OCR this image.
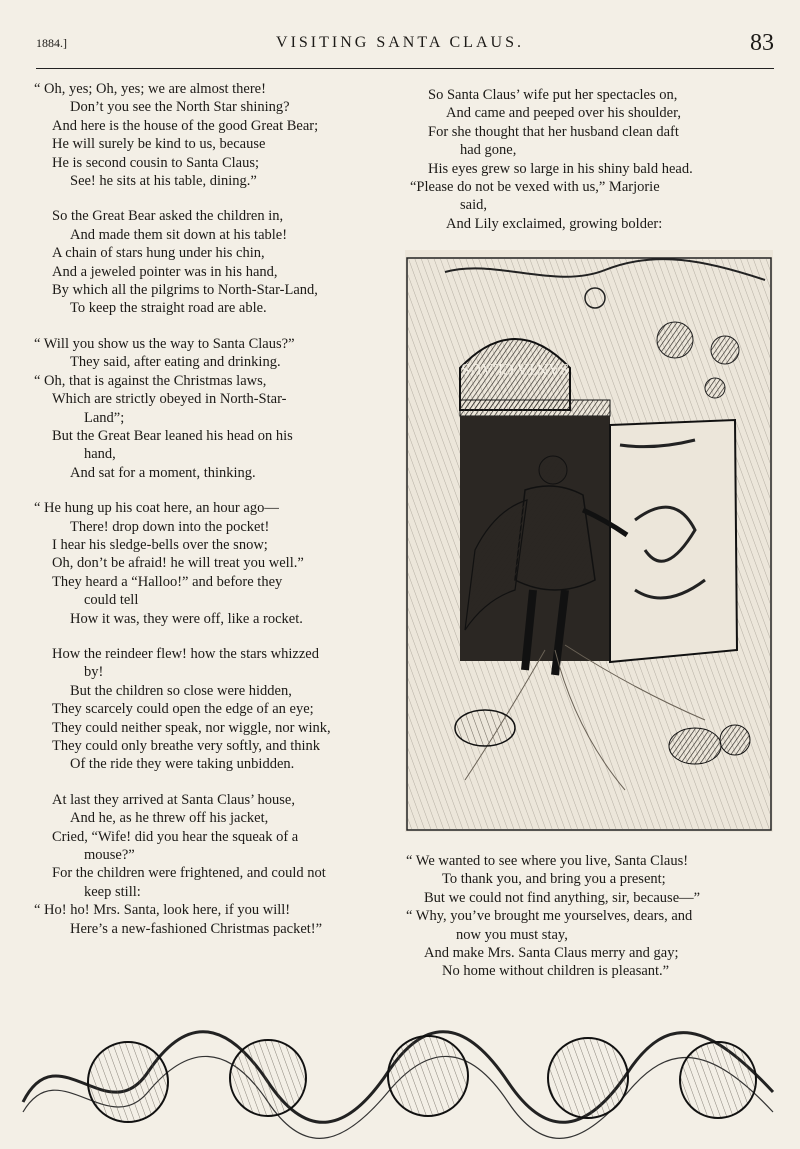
1884.]	VISITING SANTA CLAUS.	83
“ Oh, yes; Oh, yes; we are almost there!
Don’t you see the North Star shining?
And here is the house of the good Great Bear;
He will surely be kind to us, because
He is second cousin to Santa Claus;
See! he sits at his table, dining.”
So the Great Bear asked the children in,
And made them sit down at his table!
A chain of stars hung under his chin,
And a jeweled pointer was in his hand,
By which all the pilgrims to North-Star-Land,
To keep the straight road are able.
“ Will you show us the way to Santa Claus?”
They said, after eating and drinking.
“ Oh, that is against the Christmas laws,
Which are strictly obeyed in North-Star-
Land”;
But the Great Bear leaned his head on his
hand,
And sat for a moment, thinking.
“ He hung up his coat here, an hour ago—
There! drop down into the pocket!
I hear his sledge-bells over the snow;
Oh, don’t be afraid! he will treat you well.”
They heard a “Halloo!” and before they
could tell
How it was, they were off, like a rocket.
How the reindeer flew! how the stars whizzed
by!
But the children so close were hidden,
They scarcely could open the edge of an eye;
They could neither speak, nor wiggle, nor wink,
They could only breathe very softly, and think
Of the ride they were taking unbidden.
At last they arrived at Santa Claus’ house,
And he, as he threw off his jacket,
Cried, “Wife! did you hear the squeak of a
mouse?”
For the children were frightened, and could not
keep still:
“ Ho! ho! Mrs. Santa, look here, if you will!
Here’s a new-fashioned Christmas packet!”
So Santa Claus’ wife put her spectacles on,
And came and peeped over his shoulder,
For she thought that her husband clean daft
had gone,
His eyes grew so large in his shiny bald head.
“Please do not be vexed with us,” Marjorie
said,
And Lily exclaimed, growing bolder:
SANTA CLAUS
“ We wanted to see where you live, Santa Claus!
To thank you, and bring you a present;
But we could not find anything, sir, because—”
“ Why, you’ve brought me yourselves, dears, and
now you must stay,
And make Mrs. Santa Claus merry and gay;
No home without children is pleasant.”
